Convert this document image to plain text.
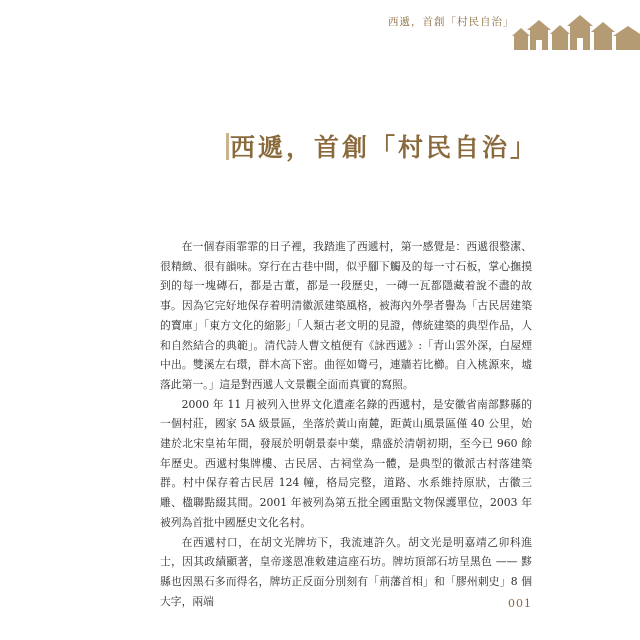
西遞，首創「村民自治」
西遞，首創「村民自治」

在一個春雨霏霏的日子裡，我踏進了西遞村，第一感覺是：西遞很整潔、很精緻、很有韻味。穿行在古巷中間，似乎腳下觸及的每一寸石板，掌心撫摸到的每一塊磚石，都是古董，都是一段歷史，一磚一瓦都隱藏着說不盡的故事。因為它完好地保存着明清徽派建築風格，被海內外學者譽為「古民居建築的寶庫」「東方文化的縮影」「人類古老文明的見證，傳統建築的典型作品，人和自然結合的典範」。清代詩人曹文植便有《詠西遞》:「青山雲外深，白屋煙中出。雙溪左右環，群木高下密。曲徑如彎弓，連牆若比櫛。自入桃源來，墟落此第一。」這是對西遞人文景觀全面而真實的寫照。

2000 年 11 月被列入世界文化遺產名錄的西遞村，是安徽省南部黟縣的一個村莊，國家 5A 級景區，坐落於黃山南麓，距黃山風景區僅 40 公里，始建於北宋皇祐年間，發展於明朝景泰中葉，鼎盛於清朝初期，至今已 960 餘年歷史。西遞村集牌樓、古民居、古祠堂為一體，是典型的徽派古村落建築群。村中保存着古民居 124 幢，格局完整，道路、水系維持原狀，古徽三雕、楹聯點綴其間。2001 年被列為第五批全國重點文物保護單位，2003 年被列為首批中國歷史文化名村。

在西遞村口，在胡文光牌坊下，我流連許久。胡文光是明嘉靖乙卯科進士，因其政績顯著，皇帝遂恩准敕建這座石坊。牌坊頂部石坊呈黑色 —— 黟縣也因黑石多而得名，牌坊正反面分別刻有「荊藩首相」和「膠州刺史」8 個大字，兩端	001
